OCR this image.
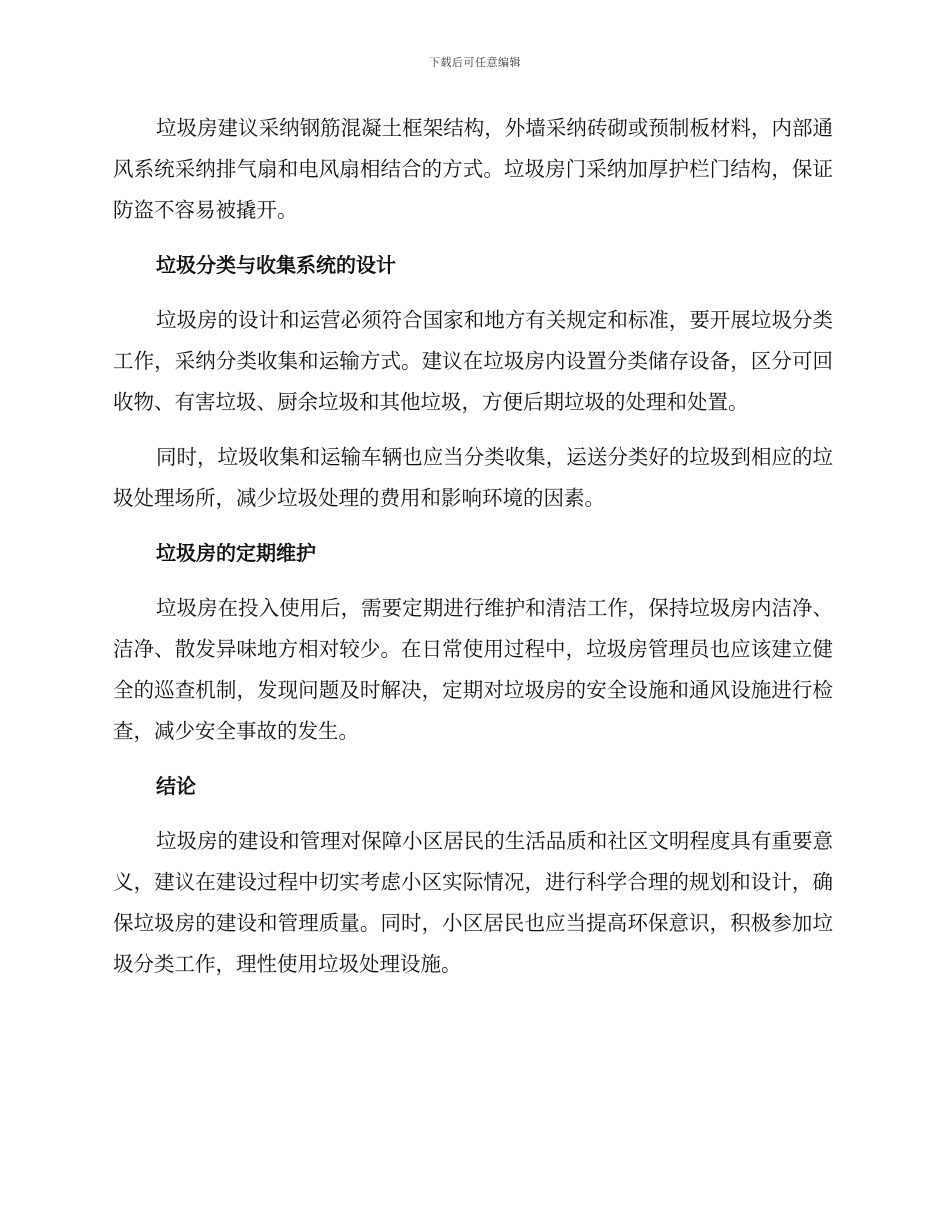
下载后可任意编辑

垃圾房建议采纳钢筋混凝土框架结构，外墙采纳砖砌或预制板材料，内部通风系统采纳排气扇和电风扇相结合的方式。垃圾房门采纳加厚护栏门结构，保证防盗不容易被撬开。

垃圾分类与收集系统的设计

垃圾房的设计和运营必须符合国家和地方有关规定和标准，要开展垃圾分类工作，采纳分类收集和运输方式。建议在垃圾房内设置分类储存设备，区分可回收物、有害垃圾、厨余垃圾和其他垃圾，方便后期垃圾的处理和处置。

同时，垃圾收集和运输车辆也应当分类收集，运送分类好的垃圾到相应的垃圾处理场所，减少垃圾处理的费用和影响环境的因素。

垃圾房的定期维护

垃圾房在投入使用后，需要定期进行维护和清洁工作，保持垃圾房内洁净、洁净、散发异味地方相对较少。在日常使用过程中，垃圾房管理员也应该建立健全的巡查机制，发现问题及时解决，定期对垃圾房的安全设施和通风设施进行检查，减少安全事故的发生。

结论

垃圾房的建设和管理对保障小区居民的生活品质和社区文明程度具有重要意义，建议在建设过程中切实考虑小区实际情况，进行科学合理的规划和设计，确保垃圾房的建设和管理质量。同时，小区居民也应当提高环保意识，积极参加垃圾分类工作，理性使用垃圾处理设施。
